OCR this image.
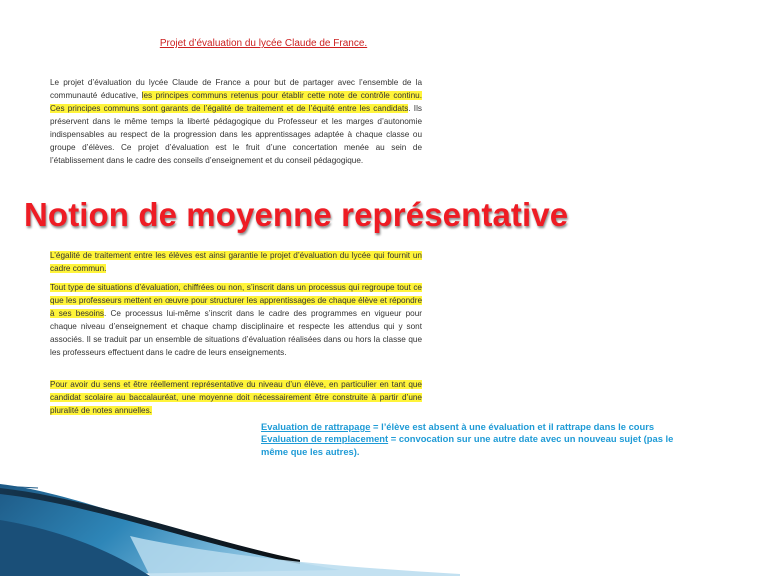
Projet d’évaluation du lycée Claude de France.
Le projet d’évaluation du lycée Claude de France a pour but de partager avec l’ensemble de la communauté éducative, les principes communs retenus pour établir cette note de contrôle continu. Ces principes communs sont garants de l’égalité de traitement et de l’équité entre les candidats. Ils préservent dans le même temps la liberté pédagogique du Professeur et les marges d’autonomie indispensables au respect de la progression dans les apprentissages adaptée à chaque classe ou groupe d’élèves. Ce projet d’évaluation est le fruit d’une concertation menée au sein de l’établissement dans le cadre des conseils d’enseignement et du conseil pédagogique.
Notion de moyenne représentative
L’égalité de traitement entre les élèves est ainsi garantie le projet d’évaluation du lycée qui fournit un cadre commun.
Tout type de situations d’évaluation, chiffrées ou non, s’inscrit dans un processus qui regroupe tout ce que les professeurs mettent en œuvre pour structurer les apprentissages de chaque élève et répondre à ses besoins. Ce processus lui-même s’inscrit dans le cadre des programmes en vigueur pour chaque niveau d’enseignement et chaque champ disciplinaire et respecte les attendus qui y sont associés. Il se traduit par un ensemble de situations d’évaluation réalisées dans ou hors la classe que les professeurs effectuent dans le cadre de leurs enseignements.
Pour avoir du sens et être réellement représentative du niveau d’un élève, en particulier en tant que candidat scolaire au baccalauréat, une moyenne doit nécessairement être construite à partir d’une pluralité de notes annuelles.
Evaluation de rattrapage = l’élève est absent à une évaluation et il rattrape dans le cours
Evaluation de remplacement = convocation sur une autre date avec un nouveau sujet (pas le même que les autres).
